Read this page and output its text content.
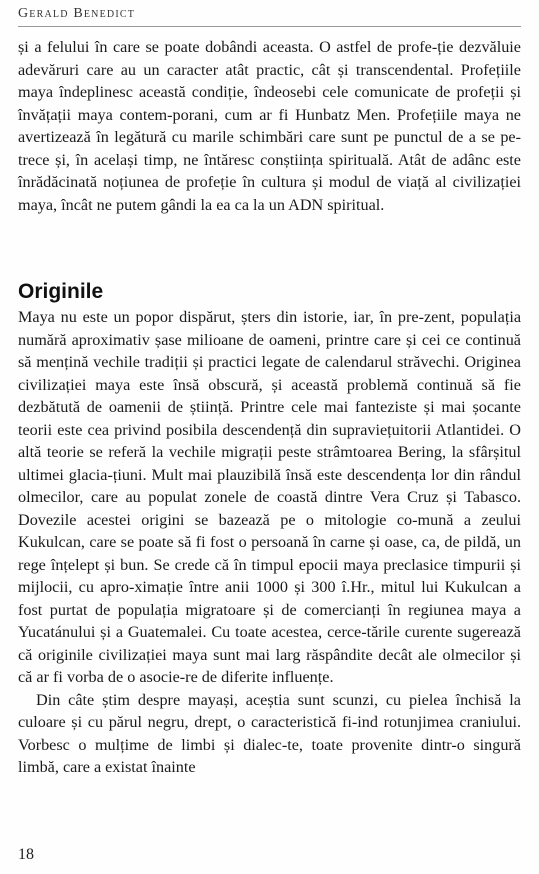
Gerald Benedict

și a felului în care se poate dobândi aceasta. O astfel de profe-ție dezvăluie adevăruri care au un caracter atât practic, cât și transcendental. Profețiile maya îndeplinesc această condiție, îndeosebi cele comunicate de profeții și învățații maya contem-porani, cum ar fi Hunbatz Men. Profețiile maya ne avertizează în legătură cu marile schimbări care sunt pe punctul de a se pe-trece și, în același timp, ne întăresc conștiința spirituală. Atât de adânc este înrădăcinată noțiunea de profeție în cultura și modul de viață al civilizației maya, încât ne putem gândi la ea ca la un ADN spiritual.

Originile

Maya nu este un popor dispărut, șters din istorie, iar, în pre-zent, populația numără aproximativ șase milioane de oameni, printre care și cei ce continuă să mențină vechile tradiții și practici legate de calendarul străvechi. Originea civilizației maya este însă obscură, și această problemă continuă să fie dezbătută de oamenii de știință. Printre cele mai fanteziste și mai șocante teorii este cea privind posibila descendență din supraviețuitorii Atlantidei. O altă teorie se referă la vechile migrații peste strâmtoarea Bering, la sfârșitul ultimei glacia-țiuni. Mult mai plauzibilă însă este descendența lor din rândul olmecilor, care au populat zonele de coastă dintre Vera Cruz și Tabasco. Dovezile acestei origini se bazează pe o mitologie co-mună a zeului Kukulcan, care se poate să fi fost o persoană în carne și oase, ca, de pildă, un rege înțelept și bun. Se crede că în timpul epocii maya preclasice timpurii și mijlocii, cu apro-ximație între anii 1000 și 300 î.Hr., mitul lui Kukulcan a fost purtat de populația migratoare și de comercianți în regiunea maya a Yucatánului și a Guatemalei. Cu toate acestea, cerce-tările curente sugerează că originile civilizației maya sunt mai larg răspândite decât ale olmecilor și că ar fi vorba de o asocie-re de diferite influențe.

Din câte știm despre mayași, aceștia sunt scunzi, cu pielea închisă la culoare și cu părul negru, drept, o caracteristică fi-ind rotunjimea craniului. Vorbesc o mulțime de limbi și dialec-te, toate provenite dintr-o singură limbă, care a existat înainte

18
